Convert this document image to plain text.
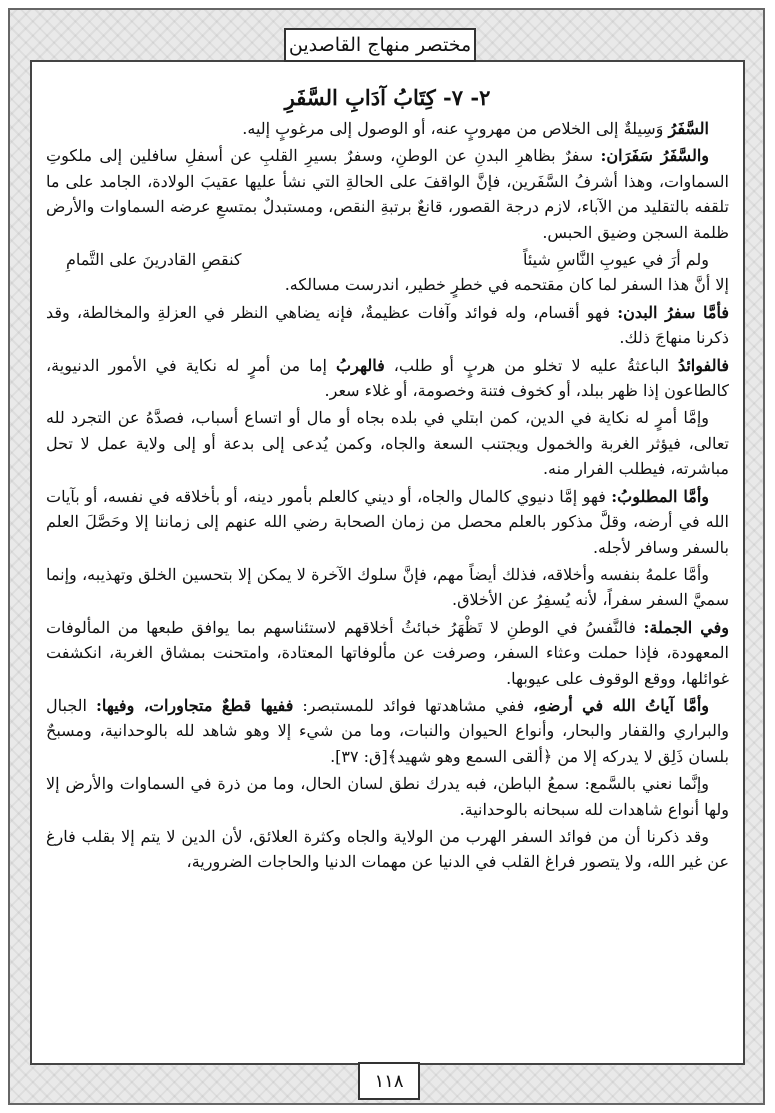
مختصر منهاج القاصدين
٢- ٧- كِتَابُ آدَابِ السَّفَرِ

السَّفَرُ وَسِيلةٌ إلى الخلاص من مهروبٍ عنه، أو الوصول إلى مرغوبٍ إليه.

والسَّفَرُ سَفَرَان: سفرٌ بظاهرِ البدنِ عن الوطنِ، وسفرٌ بسيرِ القلبِ عن أسفلِ سافلين إلى ملكوتِ السماوات، وهذا أشرفُ السَّفَرين، فإنَّ الواقفَ على الحالةِ التي نشأ عليها عقيبَ الولادة، الجامد على ما تلقفه بالتقليد من الآباء، لازم درجة القصور، قانعٌ برتبةِ النقص، ومستبدلٌ بمتسعِ عرضه السماوات والأرض ظلمة السجن وضيق الحبس.

ولم أرَ في عيوبِ النَّاسِ شيئاً
كنقصِ القادرينَ على التَّمامِ

إلا أنَّ هذا السفر لما كان مقتحمه في خطرٍ خطير، اندرست مسالكه.

فأمَّا سفرُ البدن: فهو أقسام، وله فوائد وآفات عظيمةٌ، فإنه يضاهي النظر في العزلةِ والمخالطة، وقد ذكرنا منهاجَ ذلك.

فالفوائدُ الباعثةُ عليه لا تخلو من هربٍ أو طلب، فالهربُ إما من أمرٍ له نكاية في الأمور الدنيوية، كالطاعون إذا ظهر ببلد، أو كخوف فتنة وخصومة، أو غلاء سعر.

وإمَّا أمرٍ له نكاية في الدين، كمن ابتلي في بلده بجاه أو مال أو اتساع أسباب، فصدَّهُ عن التجرد لله تعالى، فيؤثر الغربة والخمول ويجتنب السعة والجاه، وكمن يُدعى إلى بدعة أو إلى ولاية عمل لا تحل مباشرته، فيطلب الفرار منه.

وأمَّا المطلوبُ: فهو إمَّا دنيوي كالمال والجاه، أو ديني كالعلم بأمور دينه، أو بأخلاقه في نفسه، أو بآيات الله في أرضه، وقلَّ مذكور بالعلم محصل من زمان الصحابة رضي الله عنهم إلى زماننا إلا وحَصَّلَ العلم بالسفر وسافر لأجله.

وأمَّا علمهُ بنفسه وأخلاقه، فذلك أيضاً مهم، فإنَّ سلوك الآخرة لا يمكن إلا بتحسين الخلق وتهذيبه، وإنما سميَّ السفر سفراً، لأنه يُسفِرُ عن الأخلاق.

وفي الجملة: فالنَّفسُ في الوطنِ لا تَظْهَرُ خبائثُ أخلاقهم لاستئناسهم بما يوافق طبعها من المألوفات المعهودة، فإذا حملت وعثاء السفر، وصرفت عن مألوفاتها المعتادة، وامتحنت بمشاق الغربة، انكشفت غوائلها، ووقع الوقوف على عيوبها.

وأمَّا آياتُ الله في أرضهِ، ففي مشاهدتها فوائد للمستبصر: ففيها قطعٌ متجاورات، وفيها: الجبال والبراري والقفار والبحار، وأنواع الحيوان والنبات، وما من شيء إلا وهو شاهد لله بالوحدانية، ومسبحٌ بلسان ذَلِق لا يدركه إلا من ﴿ألقى السمع وهو شهيد﴾[ق: ٣٧].

وإنَّما نعني بالسَّمع: سمعُ الباطن، فبه يدرك نطق لسان الحال، وما من ذرة في السماوات والأرض إلا ولها أنواع شاهدات لله سبحانه بالوحدانية.

وقد ذكرنا أن من فوائد السفر الهرب من الولاية والجاه وكثرة العلائق، لأن الدين لا يتم إلا بقلب فارغ عن غير الله، ولا يتصور فراغ القلب في الدنيا عن مهمات الدنيا والحاجات الضرورية،

١١٨
